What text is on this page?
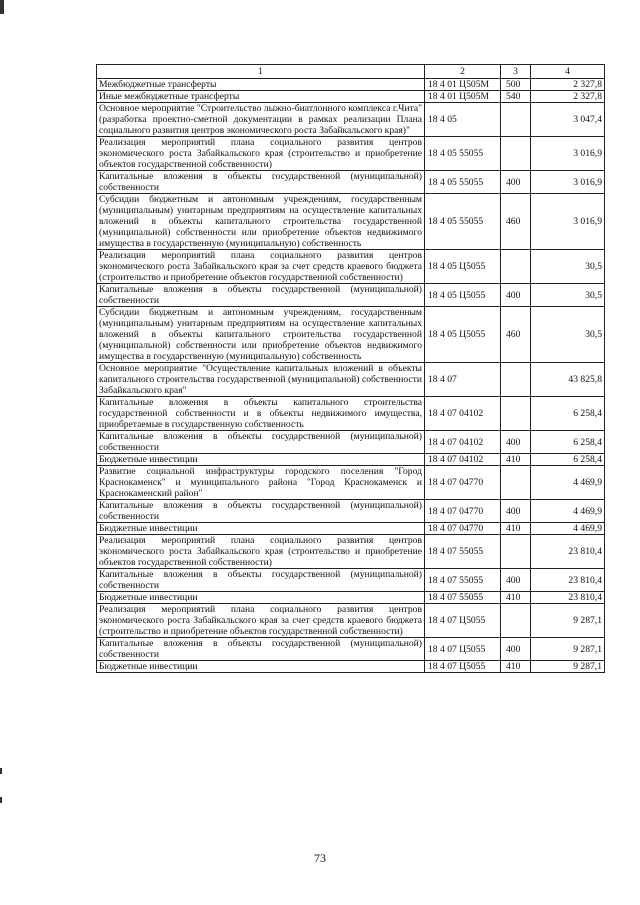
1	2	3	4
Межбюджетные трансферты	18 4 01 Ц505М	500	2 327,8
Иные межбюджетные трансферты	18 4 01 Ц505М	540	2 327,8
Основное мероприятие "Строительство лыжно-биатлонного комплекса г.Чита" (разработка проектно-сметной документации в рамках реализации Плана социального развития центров экономического роста Забайкальского края)"	18 4 05		3 047,4
Реализация мероприятий плана социального развития центров экономического роста Забайкальского края (строительство и приобретение объектов государственной собственности)	18 4 05 55055		3 016,9
Капитальные вложения в объекты государственной (муниципальной) собственности	18 4 05 55055	400	3 016,9
Субсидии бюджетным и автономным учреждениям, государственным (муниципальным) унитарным предприятиям на осуществление капитальных вложений в объекты капитального строительства государственной (муниципальной) собственности или приобретение объектов недвижимого имущества в государственную (муниципальную) собственность	18 4 05 55055	460	3 016,9
Реализация мероприятий плана социального развития центров экономического роста Забайкальского края за счет средств краевого бюджета (строительство и приобретение объектов государственной собственности)	18 4 05 Ц5055		30,5
Капитальные вложения в объекты государственной (муниципальной) собственности	18 4 05 Ц5055	400	30,5
Субсидии бюджетным и автономным учреждениям, государственным (муниципальным) унитарным предприятиям на осуществление капитальных вложений в объекты капитального строительства государственной (муниципальной) собственности или приобретение объектов недвижимого имущества в государственную (муниципальную) собственность	18 4 05 Ц5055	460	30,5
Основное мероприятие "Осуществление капитальных вложений в объекты капитального строительства государственной (муниципальной) собственности Забайкальского края"	18 4 07		43 825,8
Капитальные вложения в объекты капитального строительства государственной собственности и в объекты недвижимого имущества, приобретаемые в государственную собственность	18 4 07 04102		6 258,4
Капитальные вложения в объекты государственной (муниципальной) собственности	18 4 07 04102	400	6 258,4
Бюджетные инвестиции	18 4 07 04102	410	6 258,4
Развитие социальной инфраструктуры городского поселения "Город Краснокаменск" и муниципального района "Город Краснокаменск и Краснокаменский район"	18 4 07 04770		4 469,9
Капитальные вложения в объекты государственной (муниципальной) собственности	18 4 07 04770	400	4 469,9
Бюджетные инвестиции	18 4 07 04770	410	4 469,9
Реализация мероприятий плана социального развития центров экономического роста Забайкальского края (строительство и приобретение объектов государственной собственности)	18 4 07 55055		23 810,4
Капитальные вложения в объекты государственной (муниципальной) собственности	18 4 07 55055	400	23 810,4
Бюджетные инвестиции	18 4 07 55055	410	23 810,4
Реализация мероприятий плана социального развития центров экономического роста Забайкальского края за счет средств краевого бюджета (строительство и приобретение объектов государственной собственности)	18 4 07 Ц5055		9 287,1
Капитальные вложения в объекты государственной (муниципальной) собственности	18 4 07 Ц5055	400	9 287,1
Бюджетные инвестиции	18 4 07 Ц5055	410	9 287,1
73
